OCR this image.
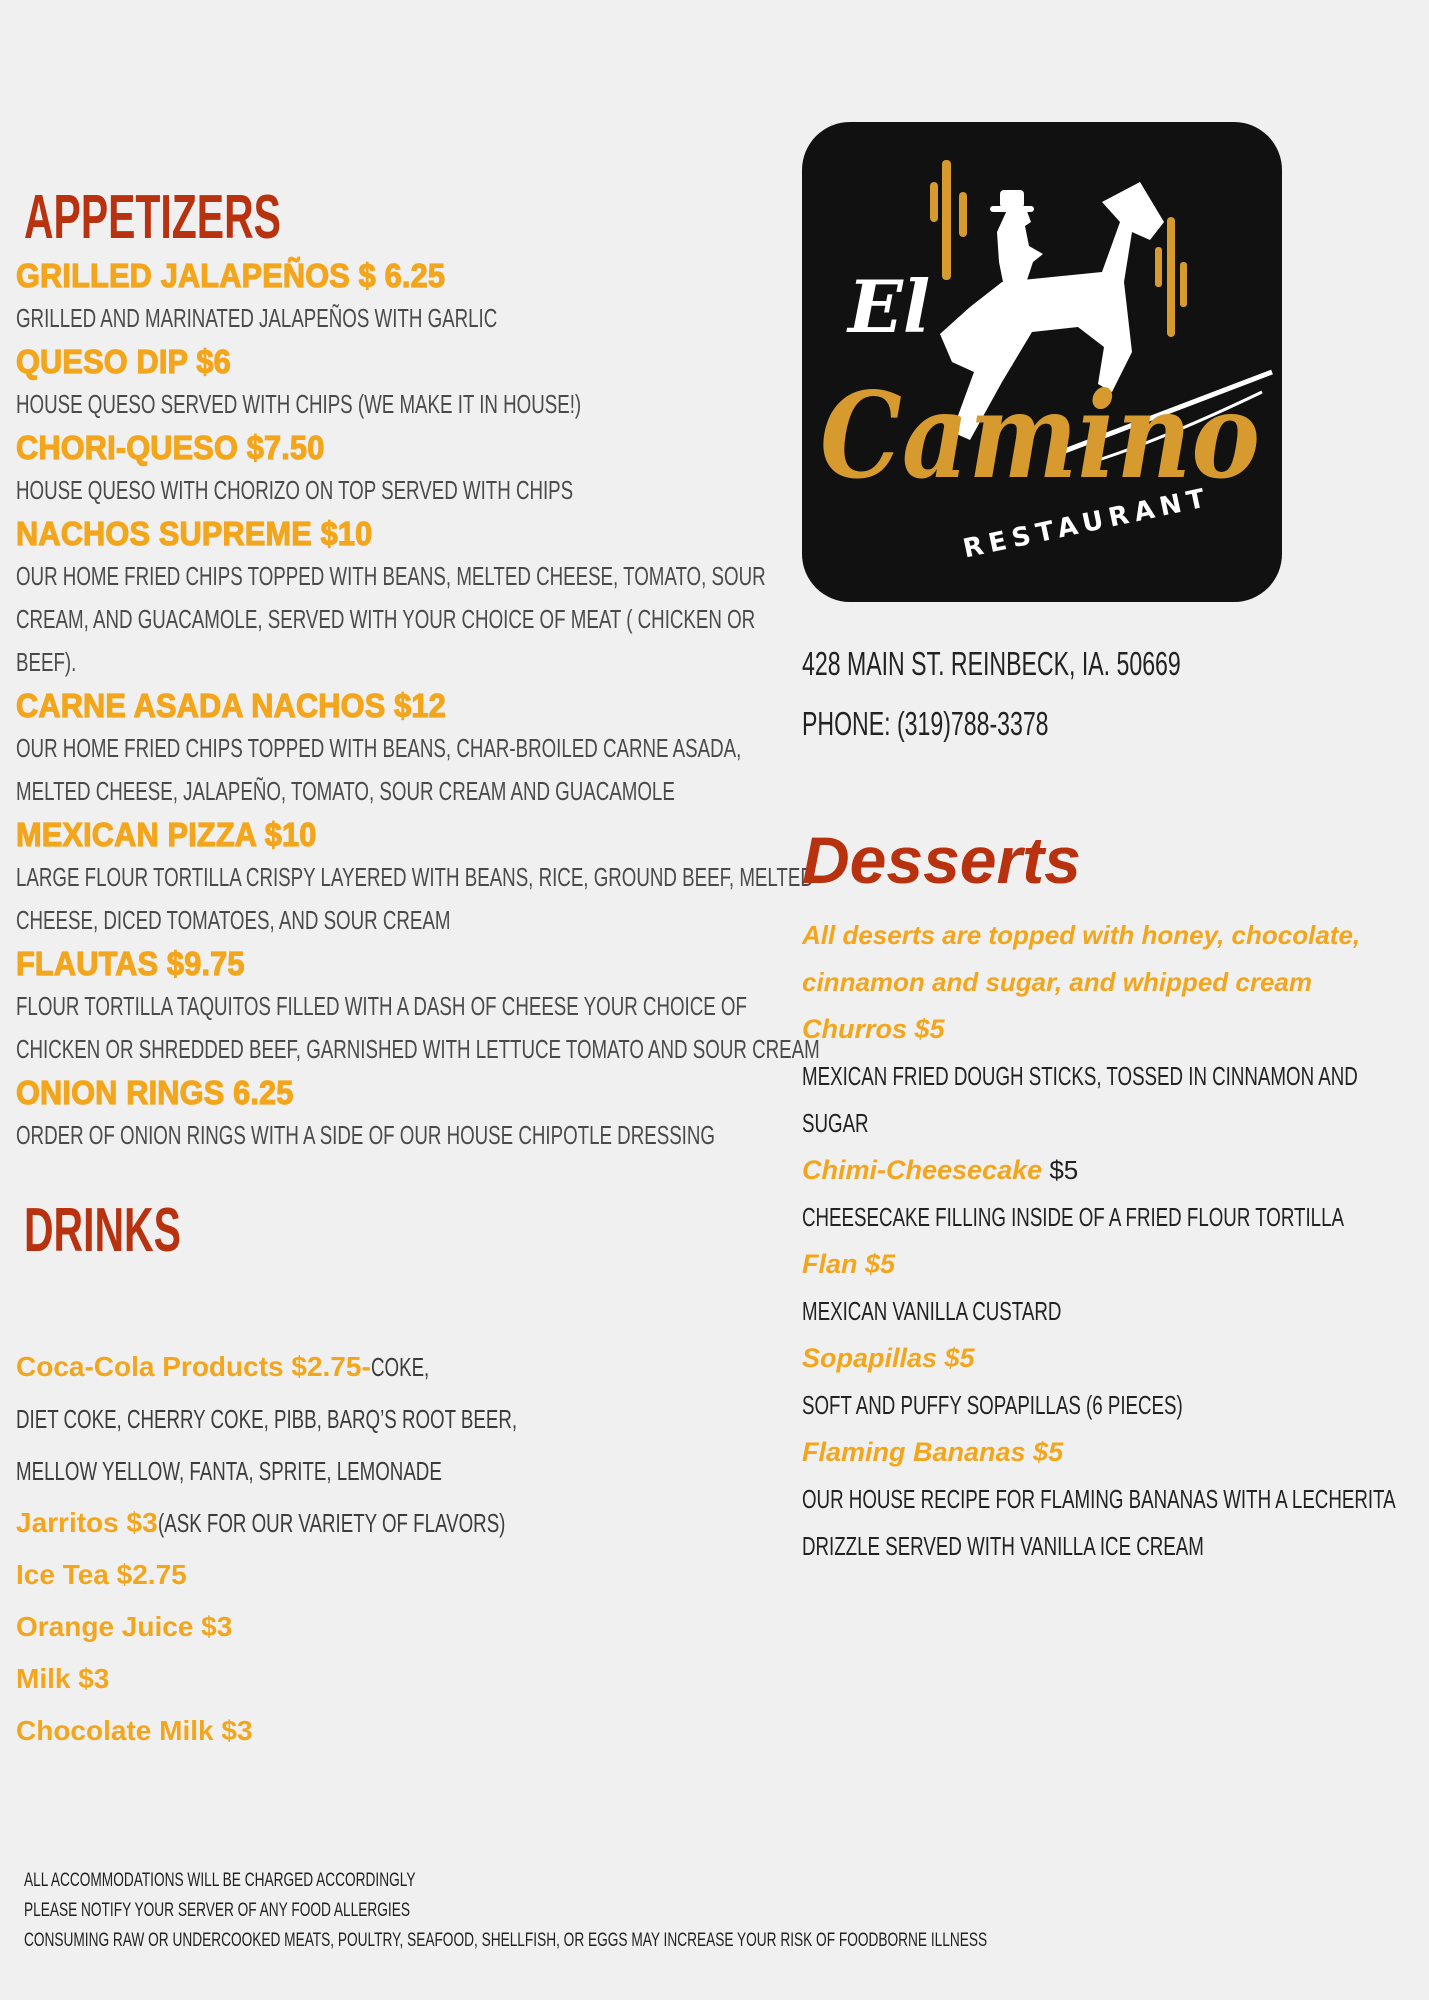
APPETIZERS
GRILLED JALAPEÑOS $ 6.25
GRILLED AND MARINATED JALAPEÑOS WITH GARLIC
QUESO DIP $6
HOUSE QUESO SERVED WITH CHIPS (WE MAKE IT IN HOUSE!)
CHORI-QUESO $7.50
HOUSE QUESO WITH CHORIZO ON TOP SERVED WITH CHIPS
NACHOS SUPREME $10
OUR HOME FRIED CHIPS TOPPED WITH BEANS, MELTED CHEESE, TOMATO, SOUR
CREAM, AND GUACAMOLE, SERVED WITH YOUR CHOICE OF MEAT ( CHICKEN OR
BEEF).
CARNE ASADA NACHOS $12
OUR HOME FRIED CHIPS TOPPED WITH BEANS, CHAR-BROILED CARNE ASADA,
MELTED CHEESE, JALAPEÑO, TOMATO, SOUR CREAM AND GUACAMOLE
MEXICAN PIZZA $10
LARGE FLOUR TORTILLA CRISPY LAYERED WITH BEANS, RICE, GROUND BEEF, MELTED
CHEESE, DICED TOMATOES, AND SOUR CREAM
FLAUTAS $9.75
FLOUR TORTILLA TAQUITOS FILLED WITH A DASH OF CHEESE YOUR CHOICE OF
CHICKEN OR SHREDDED BEEF, GARNISHED WITH LETTUCE TOMATO AND SOUR CREAM
ONION RINGS 6.25
ORDER OF ONION RINGS WITH A SIDE OF OUR HOUSE CHIPOTLE DRESSING
DRINKS
Coca-Cola Products $2.75-COKE,
DIET COKE, CHERRY COKE, PIBB, BARQ’S ROOT BEER,
MELLOW YELLOW, FANTA, SPRITE, LEMONADE
Jarritos $3(ASK FOR OUR VARIETY OF FLAVORS)
Ice Tea $2.75
Orange Juice $3
Milk $3
Chocolate Milk $3
El
Camino
RESTAURANT
428 MAIN ST. REINBECK, IA. 50669
PHONE: (319)788-3378
Desserts
All deserts are topped with honey, chocolate, cinnamon and sugar, and whipped cream
Churros $5
MEXICAN FRIED DOUGH STICKS, TOSSED IN CINNAMON AND
SUGAR
Chimi-Cheesecake $5
CHEESECAKE FILLING INSIDE OF A FRIED FLOUR TORTILLA
Flan $5
MEXICAN VANILLA CUSTARD
Sopapillas $5
SOFT AND PUFFY SOPAPILLAS (6 PIECES)
Flaming Bananas $5
OUR HOUSE RECIPE FOR FLAMING BANANAS WITH A LECHERITA
DRIZZLE SERVED WITH VANILLA ICE CREAM
ALL ACCOMMODATIONS WILL BE CHARGED ACCORDINGLY
PLEASE NOTIFY YOUR SERVER OF ANY FOOD ALLERGIES
CONSUMING RAW OR UNDERCOOKED MEATS, POULTRY, SEAFOOD, SHELLFISH, OR EGGS MAY INCREASE YOUR RISK OF FOODBORNE ILLNESS
